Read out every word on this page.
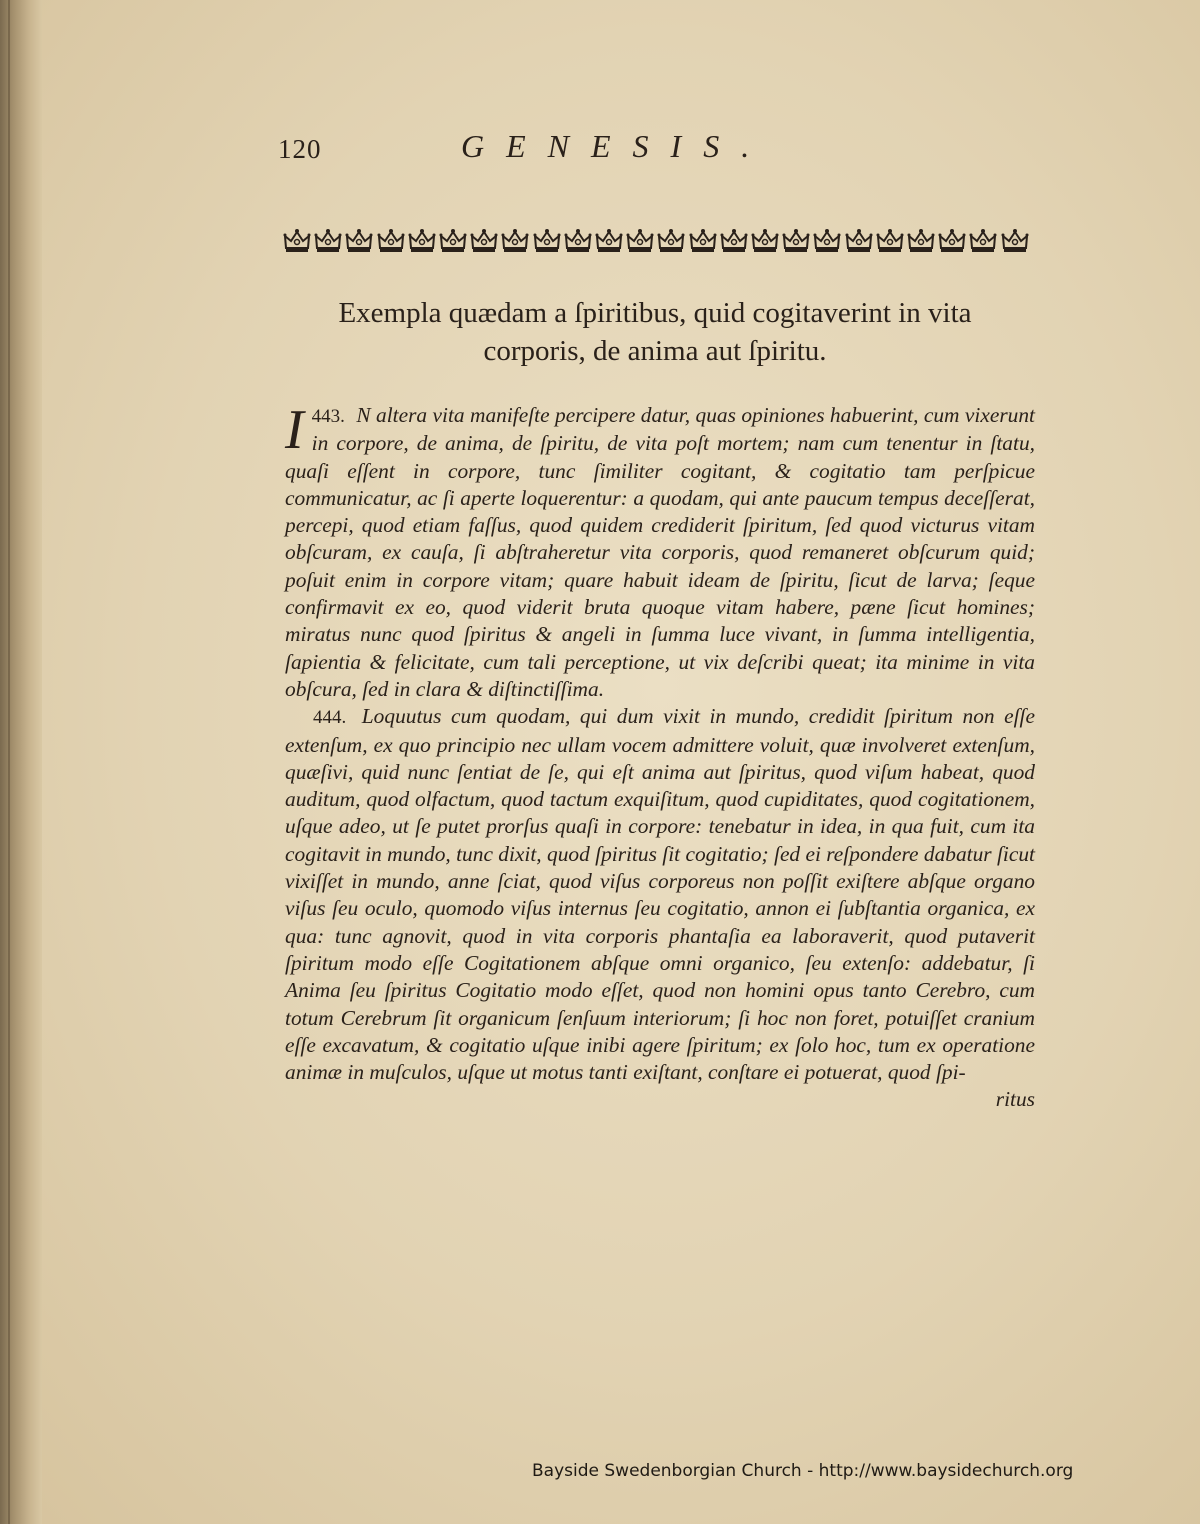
120	GENESIS.
Exempla quædam a ſpiritibus, quid cogitaverint in vita
corporis, de anima aut ſpiritu.

443.
I N altera vita manifeſte percipere datur, quas opiniones habuerint, cum vixerunt in corpore, de anima, de ſpiritu, de vita poſt mortem; nam cum tenentur in ſtatu, quaſi eſſent in corpore, tunc ſimiliter cogitant, & cogitatio tam perſpicue communicatur, ac ſi aperte loquerentur: a quodam, qui ante paucum tempus deceſſerat, percepi, quod etiam faſſus, quod quidem crediderit ſpiritum, ſed quod victurus vitam obſcuram, ex cauſa, ſi abſtraheretur vita corporis, quod remaneret obſcurum quid; poſuit enim in corpore vitam; quare habuit ideam de ſpiritu, ſicut de larva; ſeque confirmavit ex eo, quod viderit bruta quoque vitam habere, pæne ſicut homines; miratus nunc quod ſpiritus & angeli in ſumma luce vivant, in ſumma intelligentia, ſapientia & felicitate, cum tali perceptione, ut vix deſcribi queat; ita minime in vita obſcura, ſed in clara & diſtinctiſſima.

444. Loquutus cum quodam, qui dum vixit in mundo, credidit ſpiritum non eſſe extenſum, ex quo principio nec ullam vocem admittere voluit, quæ involveret extenſum, quæſivi, quid nunc ſentiat de ſe, qui eſt anima aut ſpiritus, quod viſum habeat, quod auditum, quod olfactum, quod tactum exquiſitum, quod cupiditates, quod cogitationem, uſque adeo, ut ſe putet prorſus quaſi in corpore: tenebatur in idea, in qua fuit, cum ita cogitavit in mundo, tunc dixit, quod ſpiritus ſit cogitatio; ſed ei reſpondere dabatur ſicut vixiſſet in mundo, anne ſciat, quod viſus corporeus non poſſit exiſtere abſque organo viſus ſeu oculo, quomodo viſus internus ſeu cogitatio, annon ei ſubſtantia organica, ex qua: tunc agnovit, quod in vita corporis phantaſia ea laboraverit, quod putaverit ſpiritum modo eſſe Cogitationem abſque omni organico, ſeu extenſo: addebatur, ſi Anima ſeu ſpiritus Cogitatio modo eſſet, quod non homini opus tanto Cerebro, cum totum Cerebrum ſit organicum ſenſuum interiorum; ſi hoc non foret, potuiſſet cranium eſſe excavatum, & cogitatio uſque inibi agere ſpiritum; ex ſolo hoc, tum ex operatione animæ in muſculos, uſque ut motus tanti exiſtant, conſtare ei potuerat, quod ſpi-

ritus

Bayside Swedenborgian Church - http://www.baysidechurch.org
